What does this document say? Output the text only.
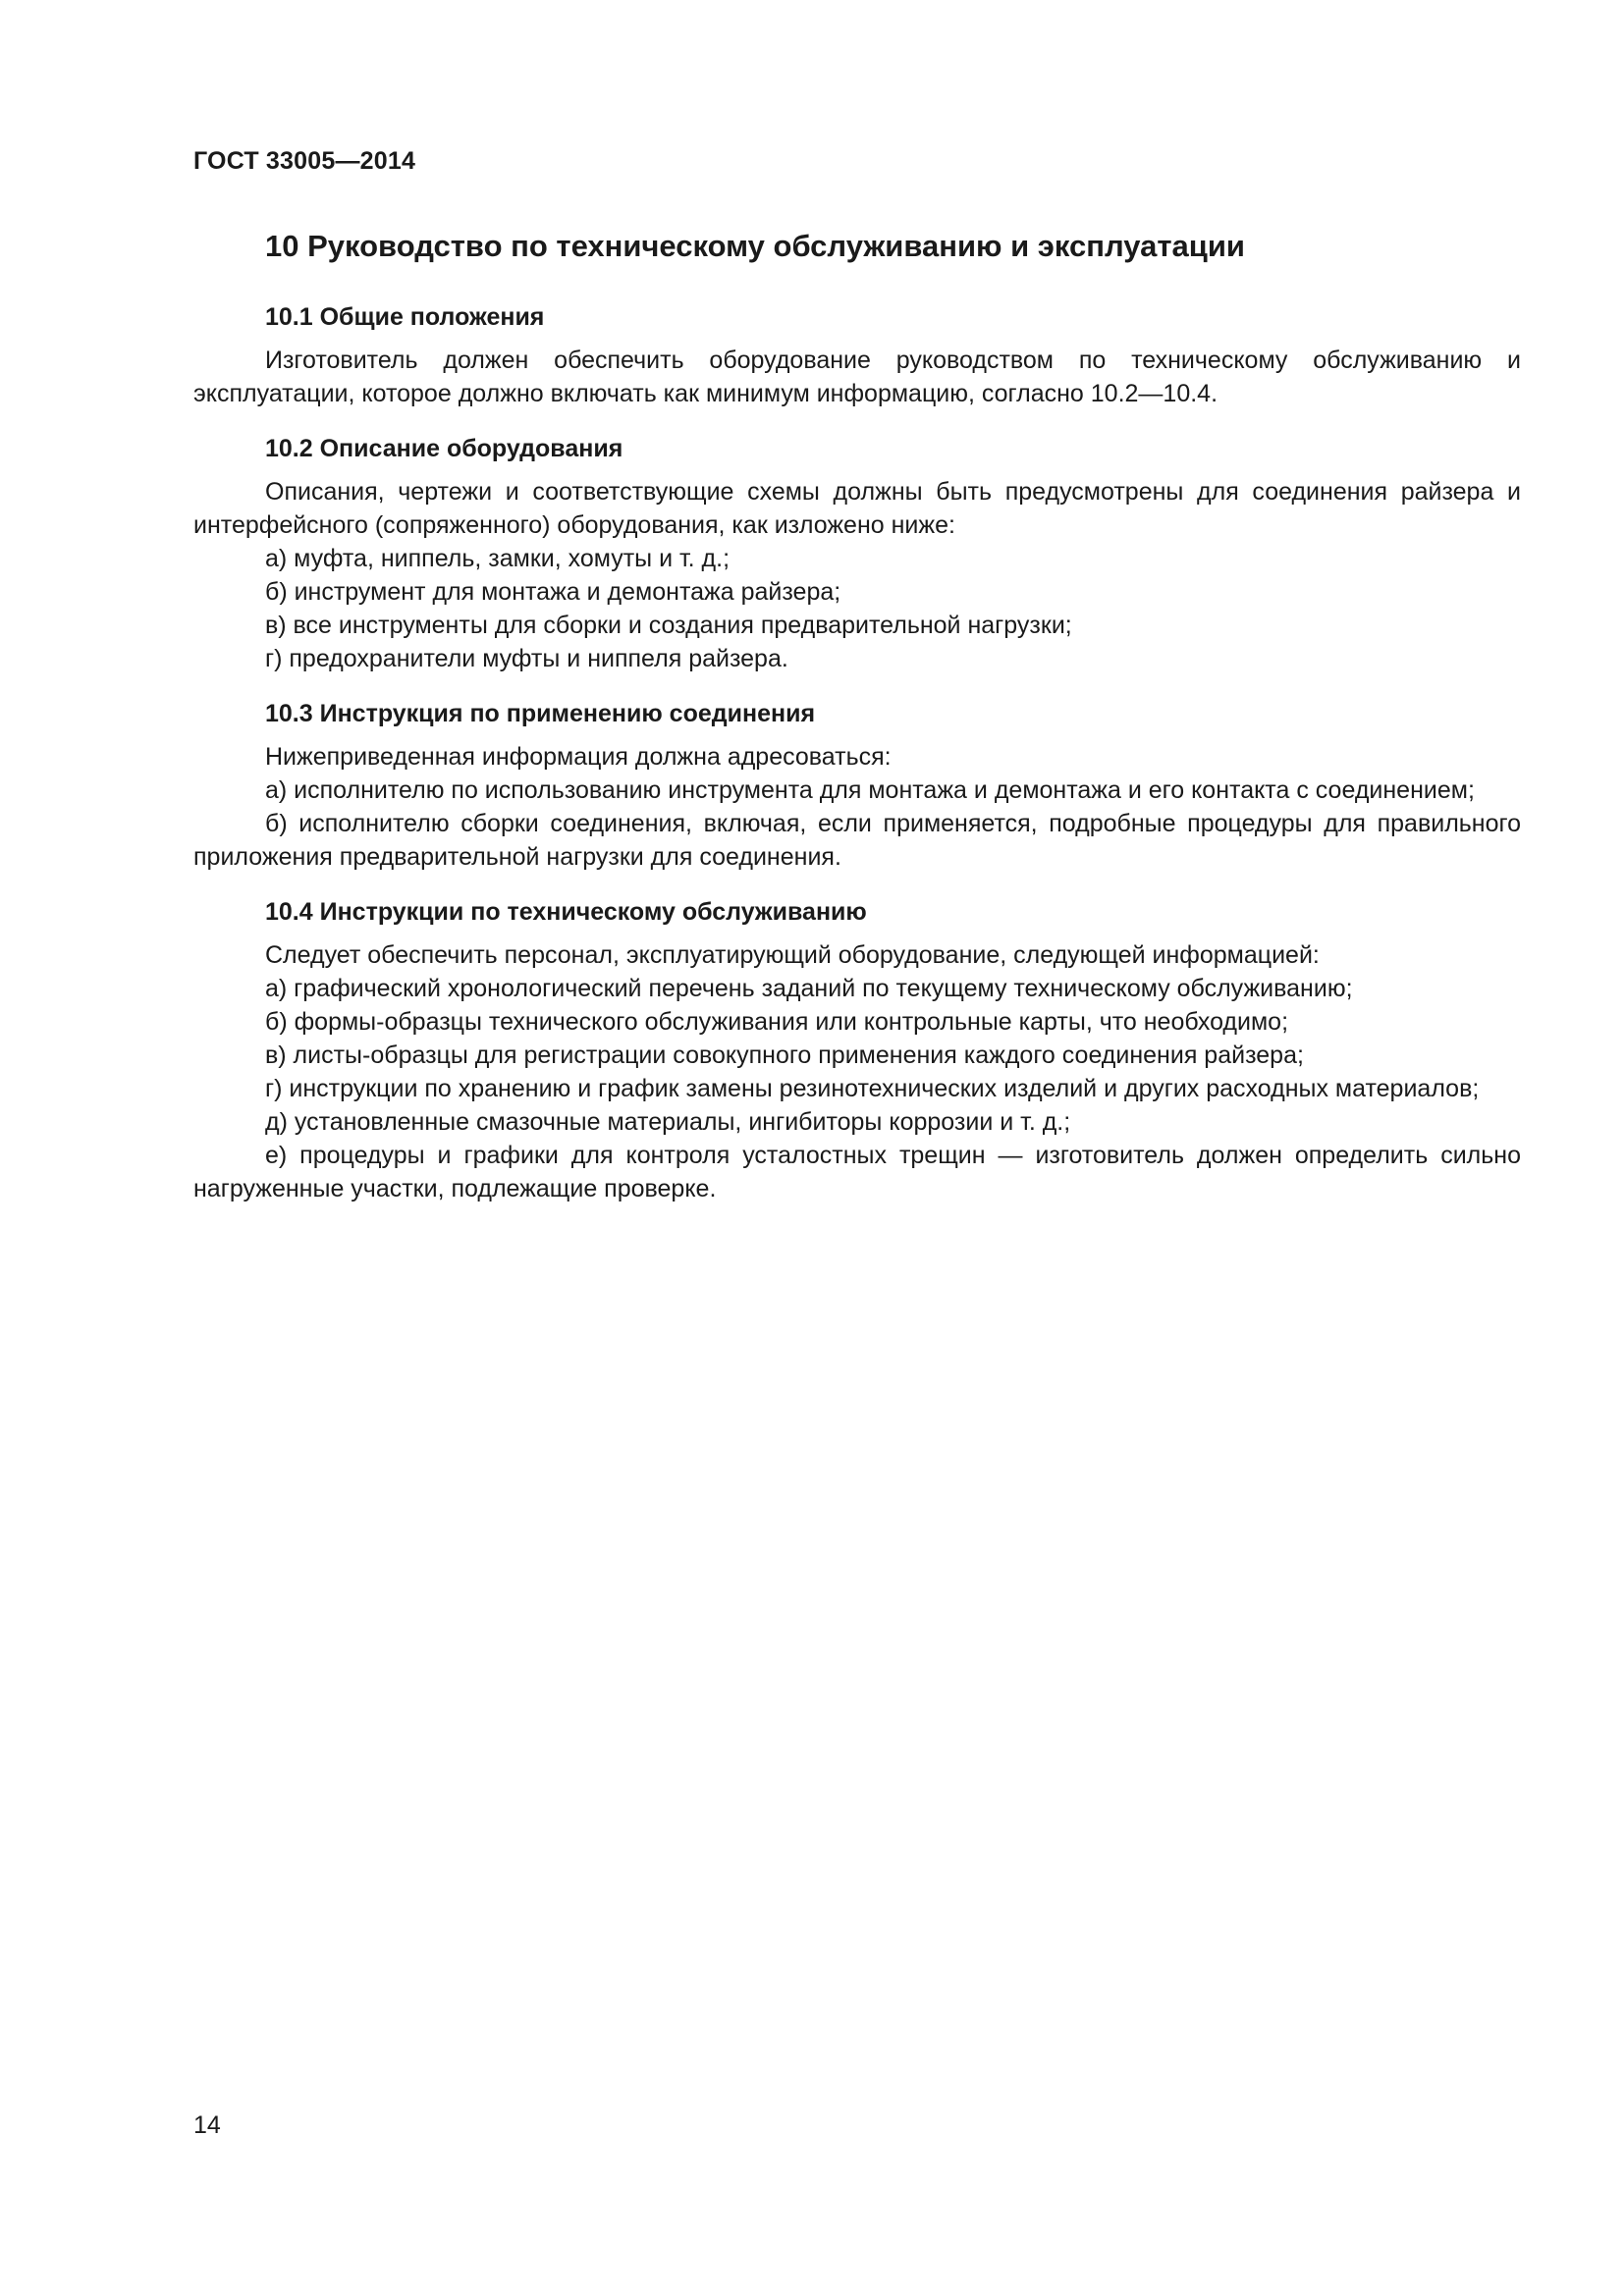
ГОСТ 33005—2014
10 Руководство по техническому обслуживанию и эксплуатации
10.1 Общие положения

Изготовитель должен обеспечить оборудование руководством по техническому обслуживанию и эксплуатации, которое должно включать как минимум информацию, согласно 10.2—10.4.

10.2 Описание оборудования

Описания, чертежи и соответствующие схемы должны быть предусмотрены для соединения райзера и интерфейсного (сопряженного) оборудования, как изложено ниже:

а) муфта, ниппель, замки, хомуты и т. д.;

б) инструмент для монтажа и демонтажа райзера;

в) все инструменты для сборки и создания предварительной нагрузки;

г) предохранители муфты и ниппеля райзера.

10.3 Инструкция по применению соединения

Нижеприведенная информация должна адресоваться:

а) исполнителю по использованию инструмента для монтажа и демонтажа и его контакта с соединением;

б) исполнителю сборки соединения, включая, если применяется, подробные процедуры для правильного приложения предварительной нагрузки для соединения.

10.4 Инструкции по техническому обслуживанию

Следует обеспечить персонал, эксплуатирующий оборудование, следующей информацией:

а) графический хронологический перечень заданий по текущему техническому обслуживанию;

б) формы-образцы технического обслуживания или контрольные карты, что необходимо;

в) листы-образцы для регистрации совокупного применения каждого соединения райзера;

г) инструкции по хранению и график замены резинотехнических изделий и других расходных материалов;

д) установленные смазочные материалы, ингибиторы коррозии и т. д.;

е) процедуры и графики для контроля усталостных трещин — изготовитель должен определить сильно нагруженные участки, подлежащие проверке.

14
